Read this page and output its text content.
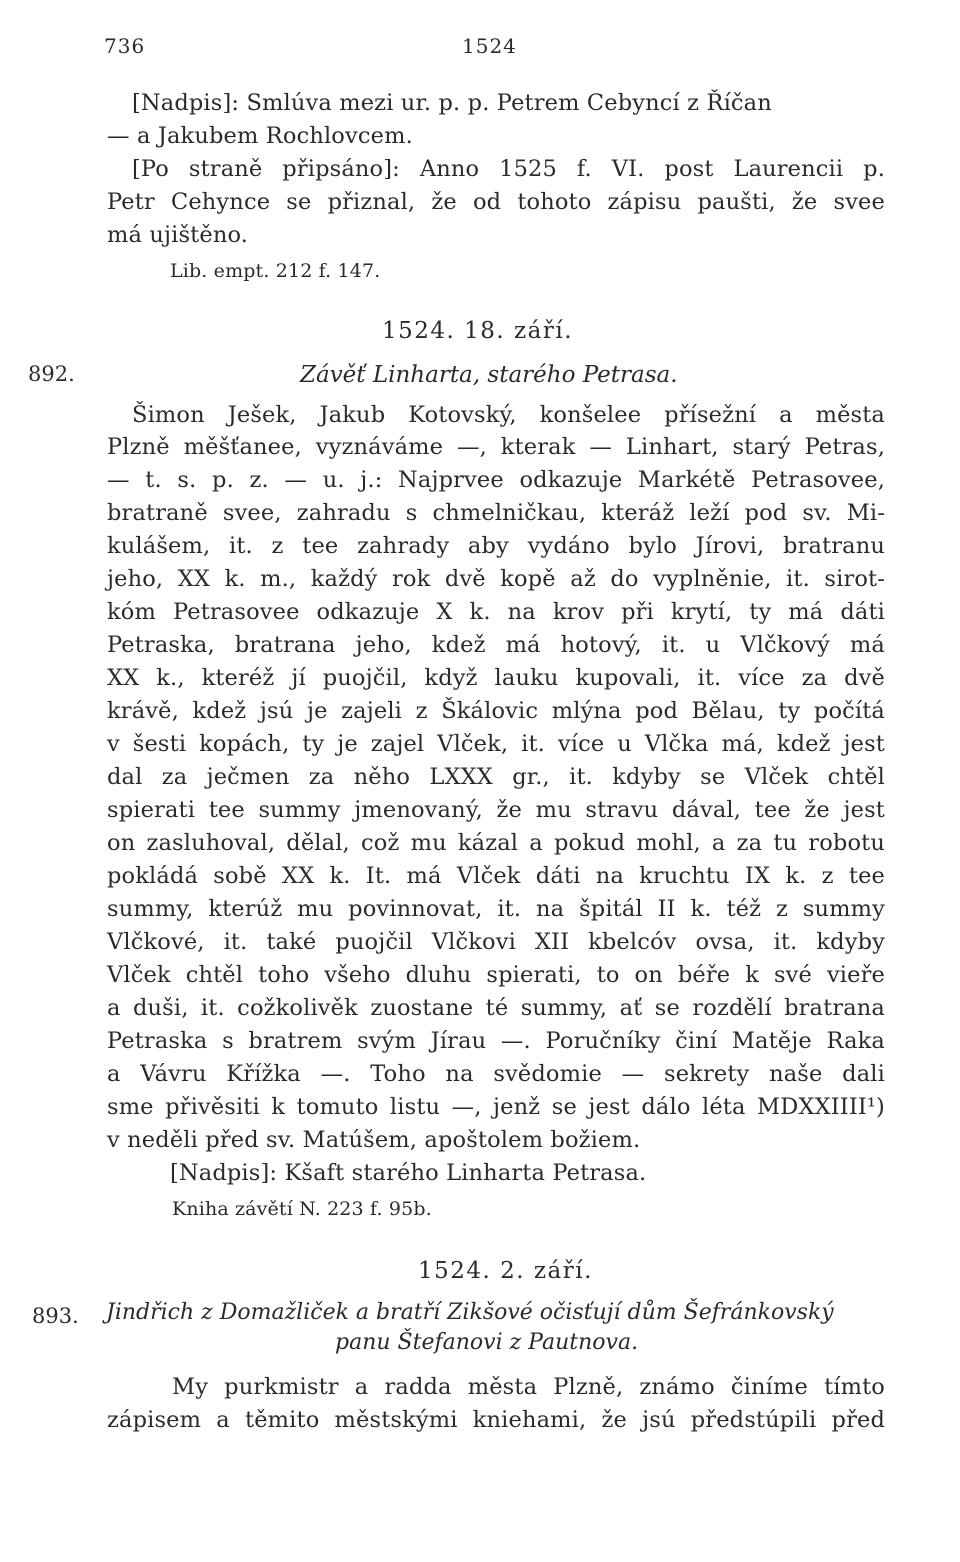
736	1524
[Nadpis]: Smlúva mezi ur. p. p. Petrem Cebyncí z Říčan
— a Jakubem Rochlovcem.
[Po straně připsáno]: Anno 1525 f. VI. post Laurencii p.
Petr Cehynce se přiznal, že od tohoto zápisu paušti, že svee
má ujištěno.
Lib. empt. 212 f. 147.
1524. 18. září.
892.	Závěť Linharta, starého Petrasa.
Šimon Ješek, Jakub Kotovský, konšelee přísežní a města
Plzně měšťanee, vyznáváme —, kterak — Linhart, starý Petras,
— t. s. p. z. — u. j.: Najprvee odkazuje Markétě Petrasovee,
bratraně svee, zahradu s chmelničkau, kteráž leží pod sv. Mi-
kulášem, it. z tee zahrady aby vydáno bylo Jírovi, bratranu
jeho, XX k. m., každý rok dvě kopě až do vyplněnie, it. sirot-
kóm Petrasovee odkazuje X k. na krov při krytí, ty má dáti
Petraska, bratrana jeho, kdež má hotový, it. u Vlčkový má
XX k., kteréž jí puojčil, když lauku kupovali, it. více za dvě
krávě, kdež jsú je zajeli z Škálovic mlýna pod Bělau, ty počítá
v šesti kopách, ty je zajel Vlček, it. více u Vlčka má, kdež jest
dal za ječmen za něho LXXX gr., it. kdyby se Vlček chtěl
spierati tee summy jmenovaný, že mu stravu dával, tee že jest
on zasluhoval, dělal, což mu kázal a pokud mohl, a za tu robotu
pokládá sobě XX k. It. má Vlček dáti na kruchtu IX k. z tee
summy, kterúž mu povinnovat, it. na špitál II k. též z summy
Vlčkové, it. také puojčil Vlčkovi XII kbelcóv ovsa, it. kdyby
Vlček chtěl toho všeho dluhu spierati, to on béře k své vieře
a duši, it. cožkolivěk zuostane té summy, ať se rozdělí bratrana
Petraska s bratrem svým Jírau —. Poručníky činí Matěje Raka
a Vávru Křížka —. Toho na svědomie — sekrety naše dali
sme přivěsiti k tomuto listu —, jenž se jest dálo léta MDXXIIII¹)
v neděli před sv. Matúšem, apoštolem božiem.
[Nadpis]: Kšaft starého Linharta Petrasa.
Kniha závětí N. 223 f. 95b.
1524. 2. září.
893. Jindřich z Domažliček a bratří Zikšové očisťují dům Šefránkovský
panu Štefanovi z Pautnova.
My purkmistr a radda města Plzně, známo činíme tímto
zápisem a těmito městskými kniehami, že jsú předstúpili před
